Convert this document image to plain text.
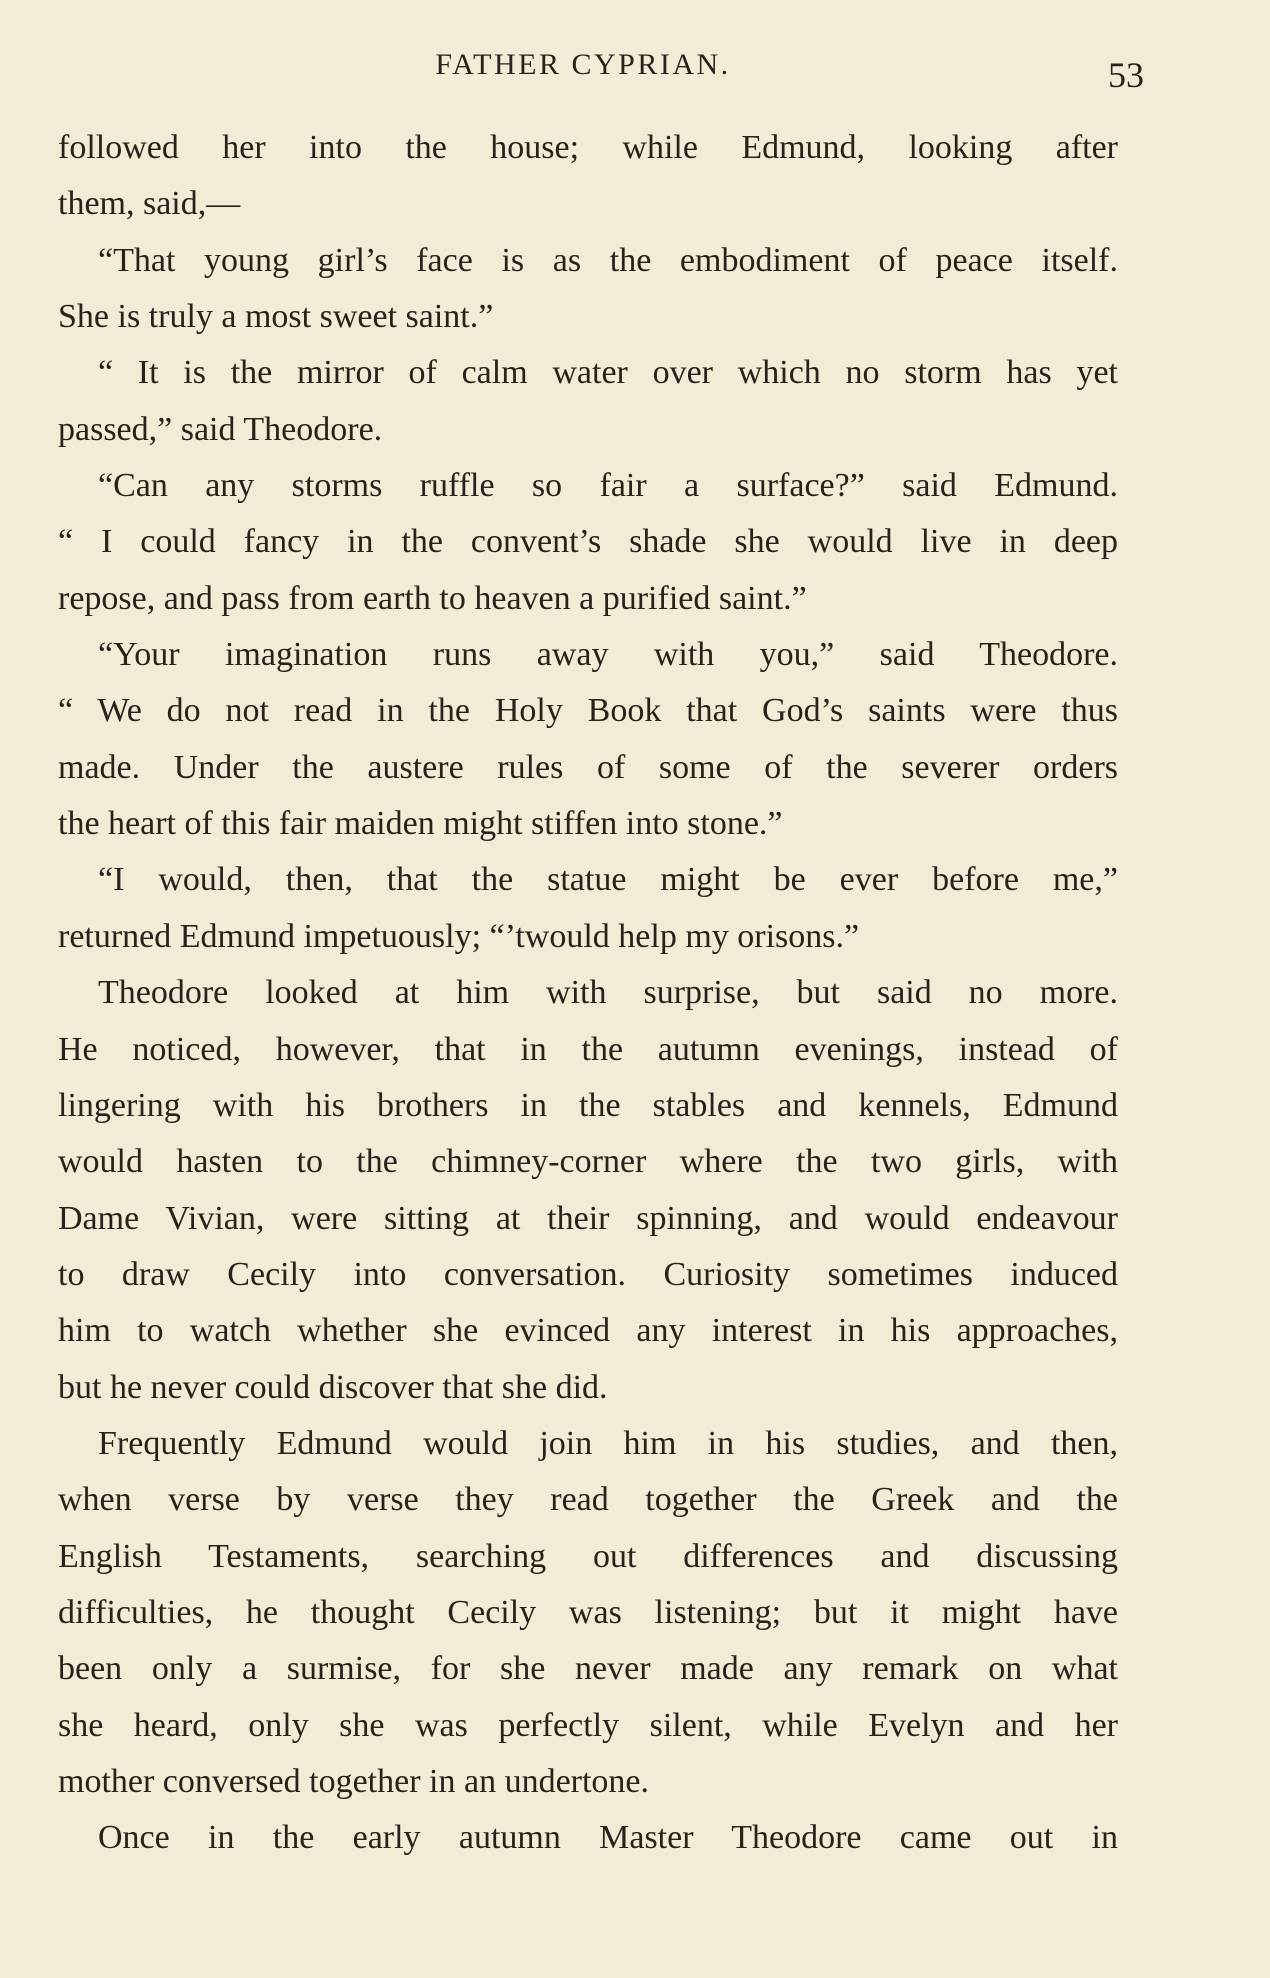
FATHER CYPRIAN.	53
followed her into the house; while Edmund, looking after
them, said,—
“That young girl’s face is as the embodiment of peace itself.
She is truly a most sweet saint.”
“ It is the mirror of calm water over which no storm has yet
passed,” said Theodore.
“Can any storms ruffle so fair a surface?” said Edmund.
“ I could fancy in the convent’s shade she would live in deep
repose, and pass from earth to heaven a purified saint.”
“Your imagination runs away with you,” said Theodore.
“ We do not read in the Holy Book that God’s saints were thus
made. Under the austere rules of some of the severer orders
the heart of this fair maiden might stiffen into stone.”
“I would, then, that the statue might be ever before me,”
returned Edmund impetuously; “’twould help my orisons.”
Theodore looked at him with surprise, but said no more.
He noticed, however, that in the autumn evenings, instead of
lingering with his brothers in the stables and kennels, Edmund
would hasten to the chimney-corner where the two girls, with
Dame Vivian, were sitting at their spinning, and would endeavour
to draw Cecily into conversation. Curiosity sometimes induced
him to watch whether she evinced any interest in his approaches,
but he never could discover that she did.
Frequently Edmund would join him in his studies, and then,
when verse by verse they read together the Greek and the
English Testaments, searching out differences and discussing
difficulties, he thought Cecily was listening; but it might have
been only a surmise, for she never made any remark on what
she heard, only she was perfectly silent, while Evelyn and her
mother conversed together in an undertone.
Once in the early autumn Master Theodore came out in
